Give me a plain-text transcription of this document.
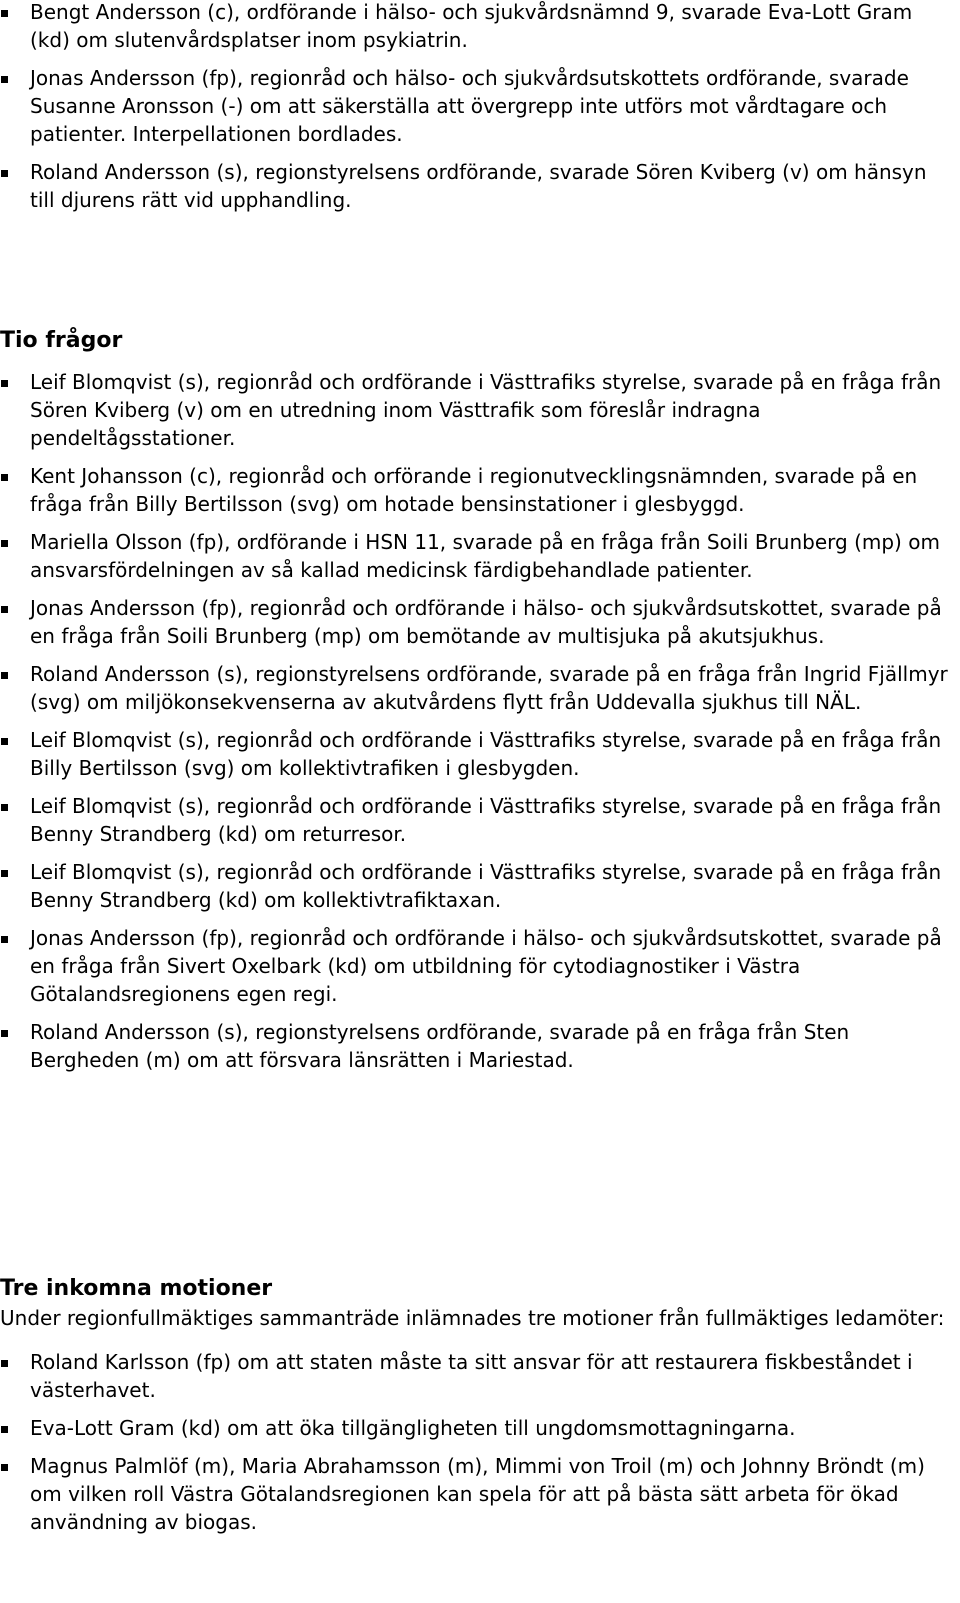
Bengt Andersson (c), ordförande i hälso- och sjukvårdsnämnd 9, svarade Eva-Lott Gram (kd) om slutenvårdsplatser inom psykiatrin.
Jonas Andersson (fp), regionråd och hälso- och sjukvårdsutskottets ordförande, svarade Susanne Aronsson (-) om att säkerställa att övergrepp inte utförs mot vårdtagare och patienter. Interpellationen bordlades.
Roland Andersson (s), regionstyrelsens ordförande, svarade Sören Kviberg (v) om hänsyn till djurens rätt vid upphandling.
Tio frågor
Leif Blomqvist (s), regionråd och ordförande i Västtrafiks styrelse, svarade på en fråga från Sören Kviberg (v) om en utredning inom Västtrafik som föreslår indragna pendeltågsstationer.
Kent Johansson (c), regionråd och orförande i regionutvecklingsnämnden, svarade på en fråga från Billy Bertilsson (svg) om hotade bensinstationer i glesbyggd.
Mariella Olsson (fp), ordförande i HSN 11, svarade på en fråga från Soili Brunberg (mp) om ansvarsfördelningen av så kallad medicinsk färdigbehandlade patienter.
Jonas Andersson (fp), regionråd och ordförande i hälso- och sjukvårdsutskottet, svarade på en fråga från Soili Brunberg (mp) om bemötande av multisjuka på akutsjukhus.
Roland Andersson (s), regionstyrelsens ordförande, svarade på en fråga från Ingrid Fjällmyr (svg) om miljökonsekvenserna av akutvårdens flytt från Uddevalla sjukhus till NÄL.
Leif Blomqvist (s), regionråd och ordförande i Västtrafiks styrelse, svarade på en fråga från Billy Bertilsson (svg) om kollektivtrafiken i glesbygden.
Leif Blomqvist (s), regionråd och ordförande i Västtrafiks styrelse, svarade på en fråga från Benny Strandberg (kd) om returresor.
Leif Blomqvist (s), regionråd och ordförande i Västtrafiks styrelse, svarade på en fråga från Benny Strandberg (kd) om kollektivtrafiktaxan.
Jonas Andersson (fp), regionråd och ordförande i hälso- och sjukvårdsutskottet, svarade på en fråga från Sivert Oxelbark (kd) om utbildning för cytodiagnostiker i Västra Götalandsregionens egen regi.
Roland Andersson (s), regionstyrelsens ordförande, svarade på en fråga från Sten Bergheden (m) om att försvara länsrätten i Mariestad.
Tre inkomna motioner

Under regionfullmäktiges sammanträde inlämnades tre motioner från fullmäktiges ledamöter:

Roland Karlsson (fp) om att staten måste ta sitt ansvar för att restaurera fiskbeståndet i västerhavet.
Eva-Lott Gram (kd) om att öka tillgängligheten till ungdomsmottagningarna.
Magnus Palmlöf (m), Maria Abrahamsson (m), Mimmi von Troil (m) och Johnny Bröndt (m) om vilken roll Västra Götalandsregionen kan spela för att på bästa sätt arbeta för ökad användning av biogas.
